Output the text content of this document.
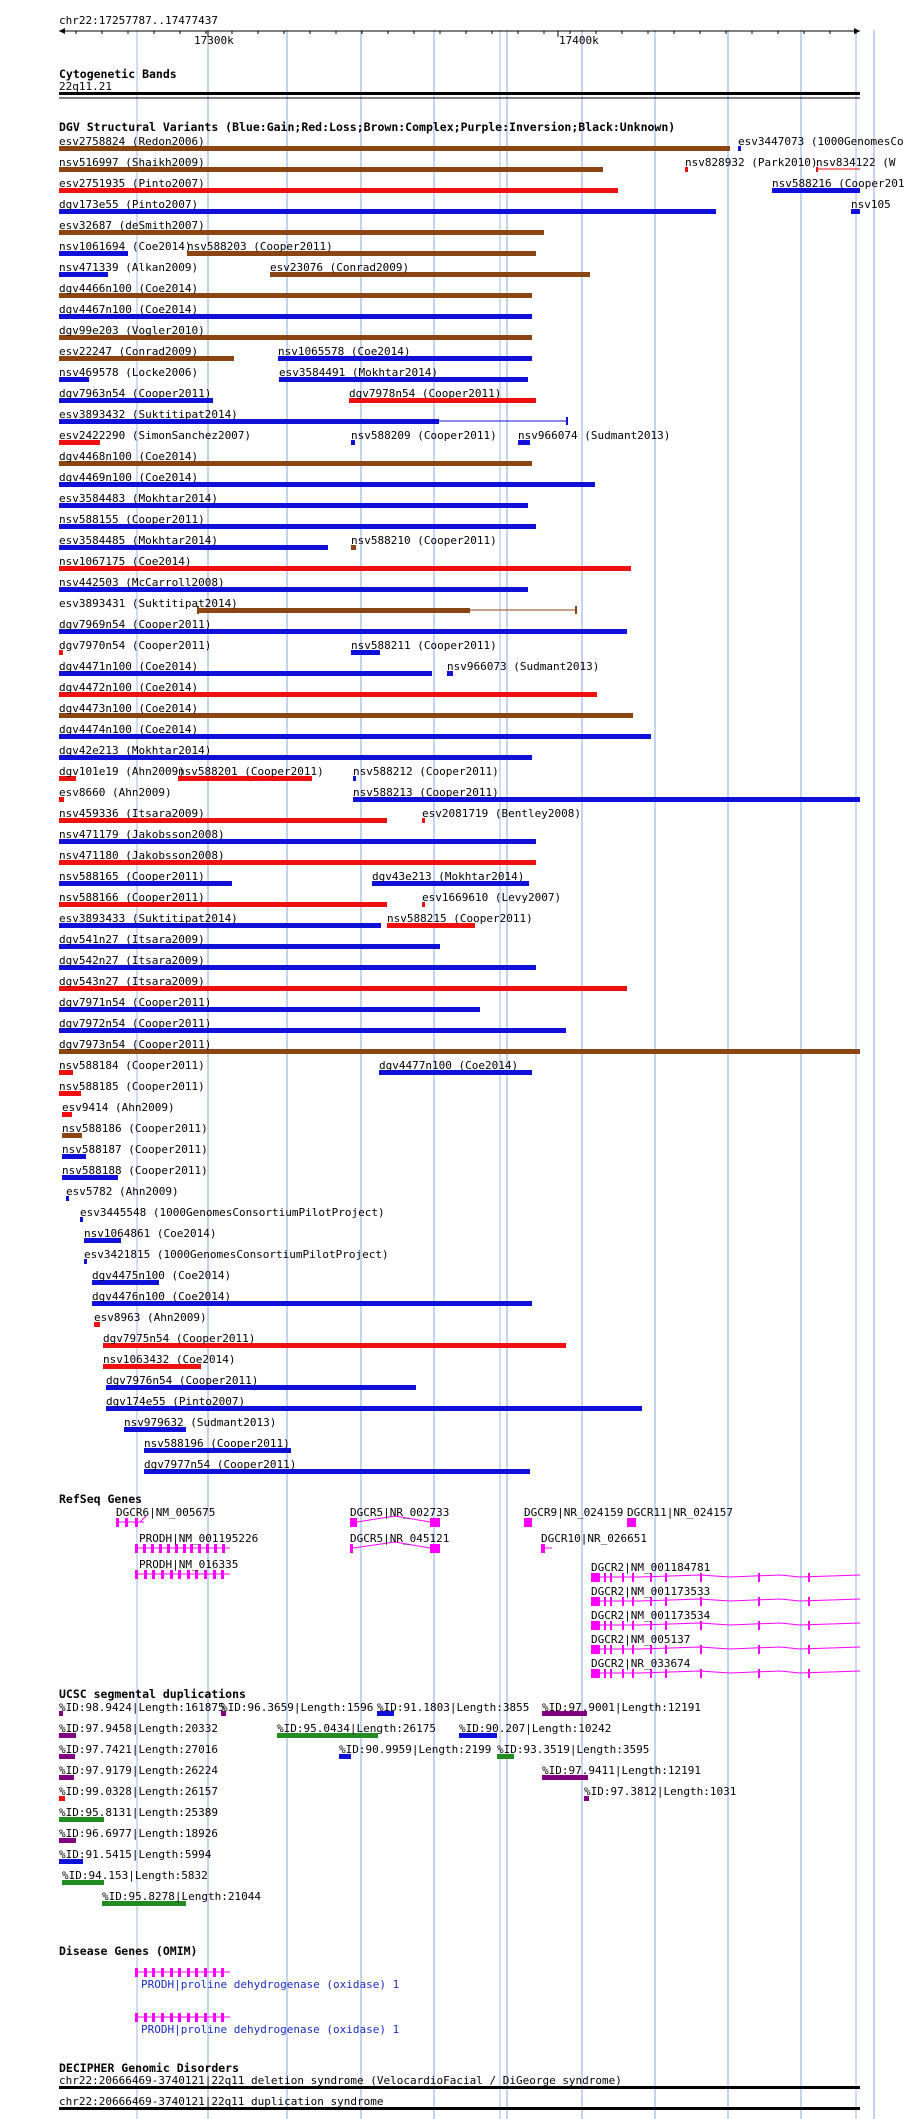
chr22:17257787..17477437
17300k	17400k
Cytogenetic Bands
22q11.21
DGV Structural Variants (Blue:Gain;Red:Loss;Brown:Complex;Purple:Inversion;Black:Unknown)
esv2758824 (Redon2006)	esv3447073 (1000GenomesCo
nsv516997 (Shaikh2009)	nsv828932 (Park2010)
nsv834122 (W
esv2751935 (Pinto2007)	nsv588216 (Cooper201
dgv173e55 (Pinto2007)	nsv105
esv32687 (deSmith2007)
nsv1061694 (Coe2014)
nsv588203 (Cooper2011)
nsv471339 (Alkan2009)	esv23076 (Conrad2009)
dgv4466n100 (Coe2014)
dgv4467n100 (Coe2014)
dgv99e203 (Vogler2010)
esv22247 (Conrad2009)	nsv1065578 (Coe2014)
nsv469578 (Locke2006)	esv3584491 (Mokhtar2014)
dgv7963n54 (Cooper2011)	dgv7978n54 (Cooper2011)
esv3893432 (Suktitipat2014)
esv2422290 (SimonSanchez2007)	nsv588209 (Cooper2011) nsv966074 (Sudmant2013)
dgv4468n100 (Coe2014)
dgv4469n100 (Coe2014)
esv3584483 (Mokhtar2014)
nsv588155 (Cooper2011)
esv3584485 (Mokhtar2014)	nsv588210 (Cooper2011)
nsv1067175 (Coe2014)
nsv442503 (McCarroll2008)
esv3893431 (Suktitipat2014)
dgv7969n54 (Cooper2011)
dgv7970n54 (Cooper2011)	nsv588211 (Cooper2011)
dgv4471n100 (Coe2014)	nsv966073 (Sudmant2013)
dgv4472n100 (Coe2014)
dgv4473n100 (Coe2014)
dgv4474n100 (Coe2014)
dgv42e213 (Mokhtar2014)
dgv101e19 (Ahn2009)
nsv588201 (Cooper2011)	nsv588212 (Cooper2011)
esv8660 (Ahn2009)	nsv588213 (Cooper2011)
nsv459336 (Itsara2009)	esv2081719 (Bentley2008)
nsv471179 (Jakobsson2008)
nsv471180 (Jakobsson2008)
nsv588165 (Cooper2011)	dgv43e213 (Mokhtar2014)
nsv588166 (Cooper2011)	esv1669610 (Levy2007)
esv3893433 (Suktitipat2014)	nsv588215 (Cooper2011)
dgv541n27 (Itsara2009)
dgv542n27 (Itsara2009)
dgv543n27 (Itsara2009)
dgv7971n54 (Cooper2011)
dgv7972n54 (Cooper2011)
dgv7973n54 (Cooper2011)
nsv588184 (Cooper2011)	dgv4477n100 (Coe2014)
nsv588185 (Cooper2011)
esv9414 (Ahn2009)
nsv588186 (Cooper2011)
nsv588187 (Cooper2011)
nsv588188 (Cooper2011)
esv5782 (Ahn2009)
esv3445548 (1000GenomesConsortiumPilotProject)
nsv1064861 (Coe2014)
esv3421815 (1000GenomesConsortiumPilotProject)
dgv4475n100 (Coe2014)
dgv4476n100 (Coe2014)
esv8963 (Ahn2009)
dgv7975n54 (Cooper2011)
nsv1063432 (Coe2014)
dgv7976n54 (Cooper2011)
dgv174e55 (Pinto2007)
nsv979632 (Sudmant2013)
nsv588196 (Cooper2011)
dgv7977n54 (Cooper2011)
RefSeq Genes
DGCR6|NM_005675	DGCR5|NR_002733	DGCR9|NR_024159 DGCR11|NR_024157
PRODH|NM_001195226	DGCR5|NR_045121	DGCR10|NR_026651
PRODH|NM_016335	DGCR2|NM_001184781
DGCR2|NM_001173533
DGCR2|NM_001173534
DGCR2|NM_005137
DGCR2|NR_033674
UCSC segmental duplications
%ID:98.9424|Length:161875
%ID:96.3659|Length:1596 %ID:91.1803|Length:3855 %ID:97.9001|Length:12191
%ID:97.9458|Length:20332	%ID:95.0434|Length:26175 %ID:90.207|Length:10242
%ID:97.7421|Length:27016	%ID:90.9959|Length:2199 %ID:93.3519|Length:3595
%ID:97.9179|Length:26224	%ID:97.9411|Length:12191
%ID:99.0328|Length:26157	%ID:97.3812|Length:1031
%ID:95.8131|Length:25389
%ID:96.6977|Length:18926
%ID:91.5415|Length:5994
%ID:94.153|Length:5832
%ID:95.8278|Length:21044
Disease Genes (OMIM)
PRODH|proline dehydrogenase (oxidase) 1
PRODH|proline dehydrogenase (oxidase) 1
DECIPHER Genomic Disorders
chr22:20666469-3740121|22q11 deletion syndrome (VelocardioFacial / DiGeorge syndrome)
chr22:20666469-3740121|22q11 duplication syndrome
